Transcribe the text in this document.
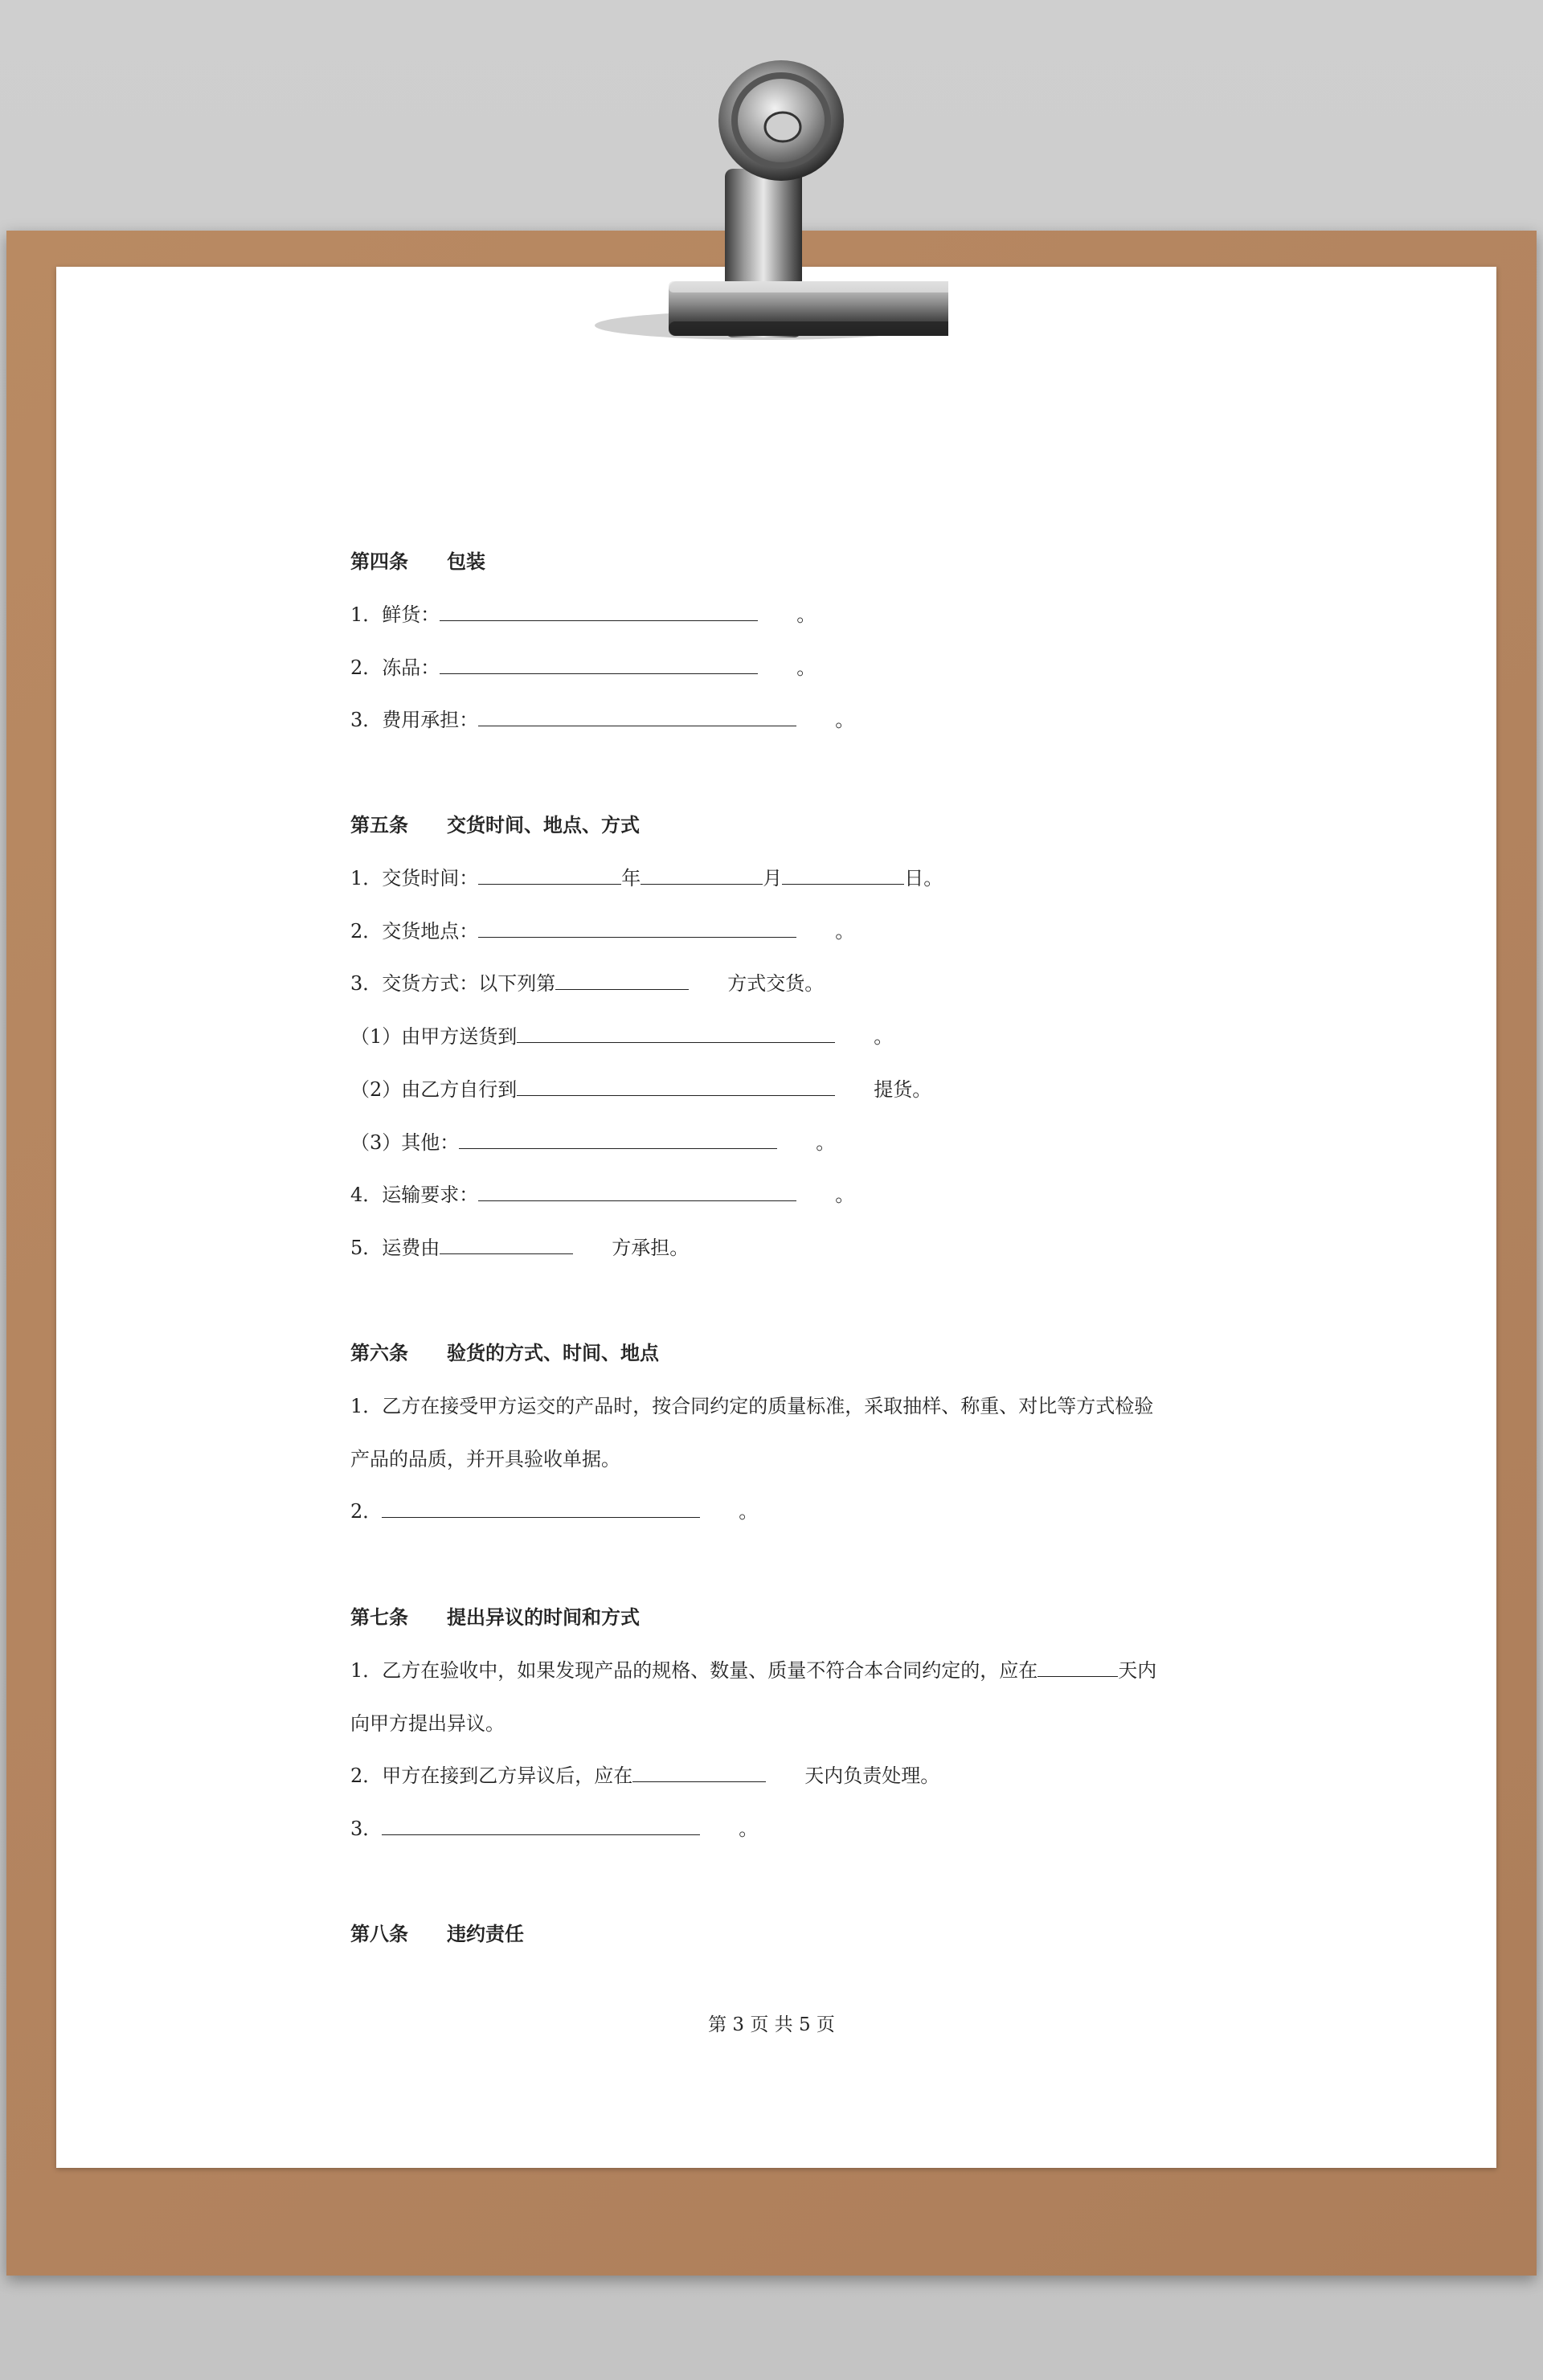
第四条　　 包装
1．鲜货：　　	。
2．冻品：　　	。
3．费用承担：　　	。
第五条　　 交货时间、地点、方式
1．交货时间：	年	月	日。
2．交货地点：　　	。
3．交货方式：以下列第　　	方式交货。
（1）由甲方送货到　　	。
（2）由乙方自行到　　	提货。
（3）其他：　　	。
4．运输要求：　　	。
5．运费由　　	方承担。
第六条　　 验货的方式、时间、地点
1．乙方在接受甲方运交的产品时，按合同约定的质量标准，采取抽样、称重、对比等方式检验
产品的品质，并开具验收单据。
2．　　	。
第七条　　 提出异议的时间和方式
1．乙方在验收中，如果发现产品的规格、数量、质量不符合本合同约定的，应在	天内
向甲方提出异议。
2．甲方在接到乙方异议后，应在　　	天内负责处理。
3．　　	。
第八条　　 违约责任
第 3 页 共 5 页
